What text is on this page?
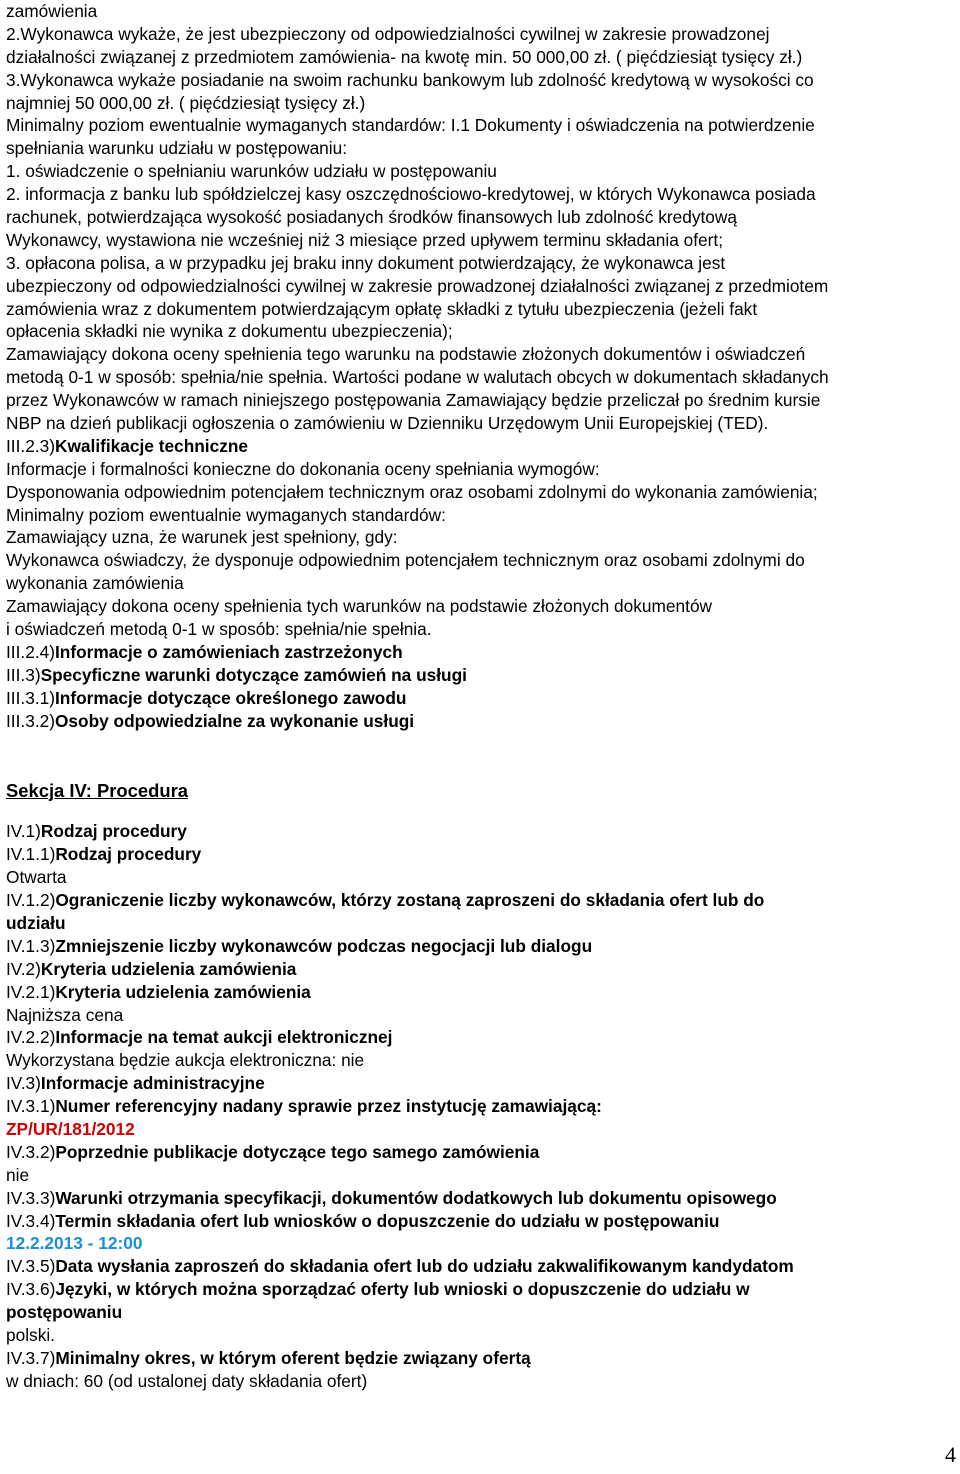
zamówienia
2.Wykonawca wykaże, że jest ubezpieczony od odpowiedzialności cywilnej w zakresie prowadzonej
działalności związanej z przedmiotem zamówienia- na kwotę min. 50 000,00 zł. ( pięćdziesiąt tysięcy zł.)
3.Wykonawca wykaże posiadanie na swoim rachunku bankowym lub zdolność kredytową w wysokości co
najmniej 50 000,00 zł. ( pięćdziesiąt tysięcy zł.)
Minimalny poziom ewentualnie wymaganych standardów: I.1 Dokumenty i oświadczenia na potwierdzenie
spełniania warunku udziału w postępowaniu:
1. oświadczenie o spełnianiu warunków udziału w postępowaniu
2. informacja z banku lub spółdzielczej kasy oszczędnościowo-kredytowej, w których Wykonawca posiada
rachunek, potwierdzająca wysokość posiadanych środków finansowych lub zdolność kredytową
Wykonawcy, wystawiona nie wcześniej niż 3 miesiące przed upływem terminu składania ofert;
3. opłacona polisa, a w przypadku jej braku inny dokument potwierdzający, że wykonawca jest
ubezpieczony od odpowiedzialności cywilnej w zakresie prowadzonej działalności związanej z przedmiotem
zamówienia wraz z dokumentem potwierdzającym opłatę składki z tytułu ubezpieczenia (jeżeli fakt
opłacenia składki nie wynika z dokumentu ubezpieczenia);
Zamawiający dokona oceny spełnienia tego warunku na podstawie złożonych dokumentów i oświadczeń
metodą 0-1 w sposób: spełnia/nie spełnia. Wartości podane w walutach obcych w dokumentach składanych
przez Wykonawców w ramach niniejszego postępowania Zamawiający będzie przeliczał po średnim kursie
NBP na dzień publikacji ogłoszenia o zamówieniu w Dzienniku Urzędowym Unii Europejskiej (TED).
III.2.3)Kwalifikacje techniczne
Informacje i formalności konieczne do dokonania oceny spełniania wymogów:
Dysponowania odpowiednim potencjałem technicznym oraz osobami zdolnymi do wykonania zamówienia;
Minimalny poziom ewentualnie wymaganych standardów:
Zamawiający uzna, że warunek jest spełniony, gdy:
Wykonawca oświadczy, że dysponuje odpowiednim potencjałem technicznym oraz osobami zdolnymi do
wykonania zamówienia
Zamawiający dokona oceny spełnienia tych warunków na podstawie złożonych dokumentów
i oświadczeń metodą 0-1 w sposób: spełnia/nie spełnia.
III.2.4)Informacje o zamówieniach zastrzeżonych
III.3)Specyficzne warunki dotyczące zamówień na usługi
III.3.1)Informacje dotyczące określonego zawodu
III.3.2)Osoby odpowiedzialne za wykonanie usługi
Sekcja IV: Procedura
IV.1)Rodzaj procedury
IV.1.1)Rodzaj procedury
Otwarta
IV.1.2)Ograniczenie liczby wykonawców, którzy zostaną zaproszeni do składania ofert lub do
udziału
IV.1.3)Zmniejszenie liczby wykonawców podczas negocjacji lub dialogu
IV.2)Kryteria udzielenia zamówienia
IV.2.1)Kryteria udzielenia zamówienia
Najniższa cena
IV.2.2)Informacje na temat aukcji elektronicznej
Wykorzystana będzie aukcja elektroniczna: nie
IV.3)Informacje administracyjne
IV.3.1)Numer referencyjny nadany sprawie przez instytucję zamawiającą:
ZP/UR/181/2012
IV.3.2)Poprzednie publikacje dotyczące tego samego zamówienia
nie
IV.3.3)Warunki otrzymania specyfikacji, dokumentów dodatkowych lub dokumentu opisowego
IV.3.4)Termin składania ofert lub wniosków o dopuszczenie do udziału w postępowaniu
12.2.2013 - 12:00
IV.3.5)Data wysłania zaproszeń do składania ofert lub do udziału zakwalifikowanym kandydatom
IV.3.6)Języki, w których można sporządzać oferty lub wnioski o dopuszczenie do udziału w
postępowaniu
polski.
IV.3.7)Minimalny okres, w którym oferent będzie związany ofertą
w dniach: 60 (od ustalonej daty składania ofert)
4
